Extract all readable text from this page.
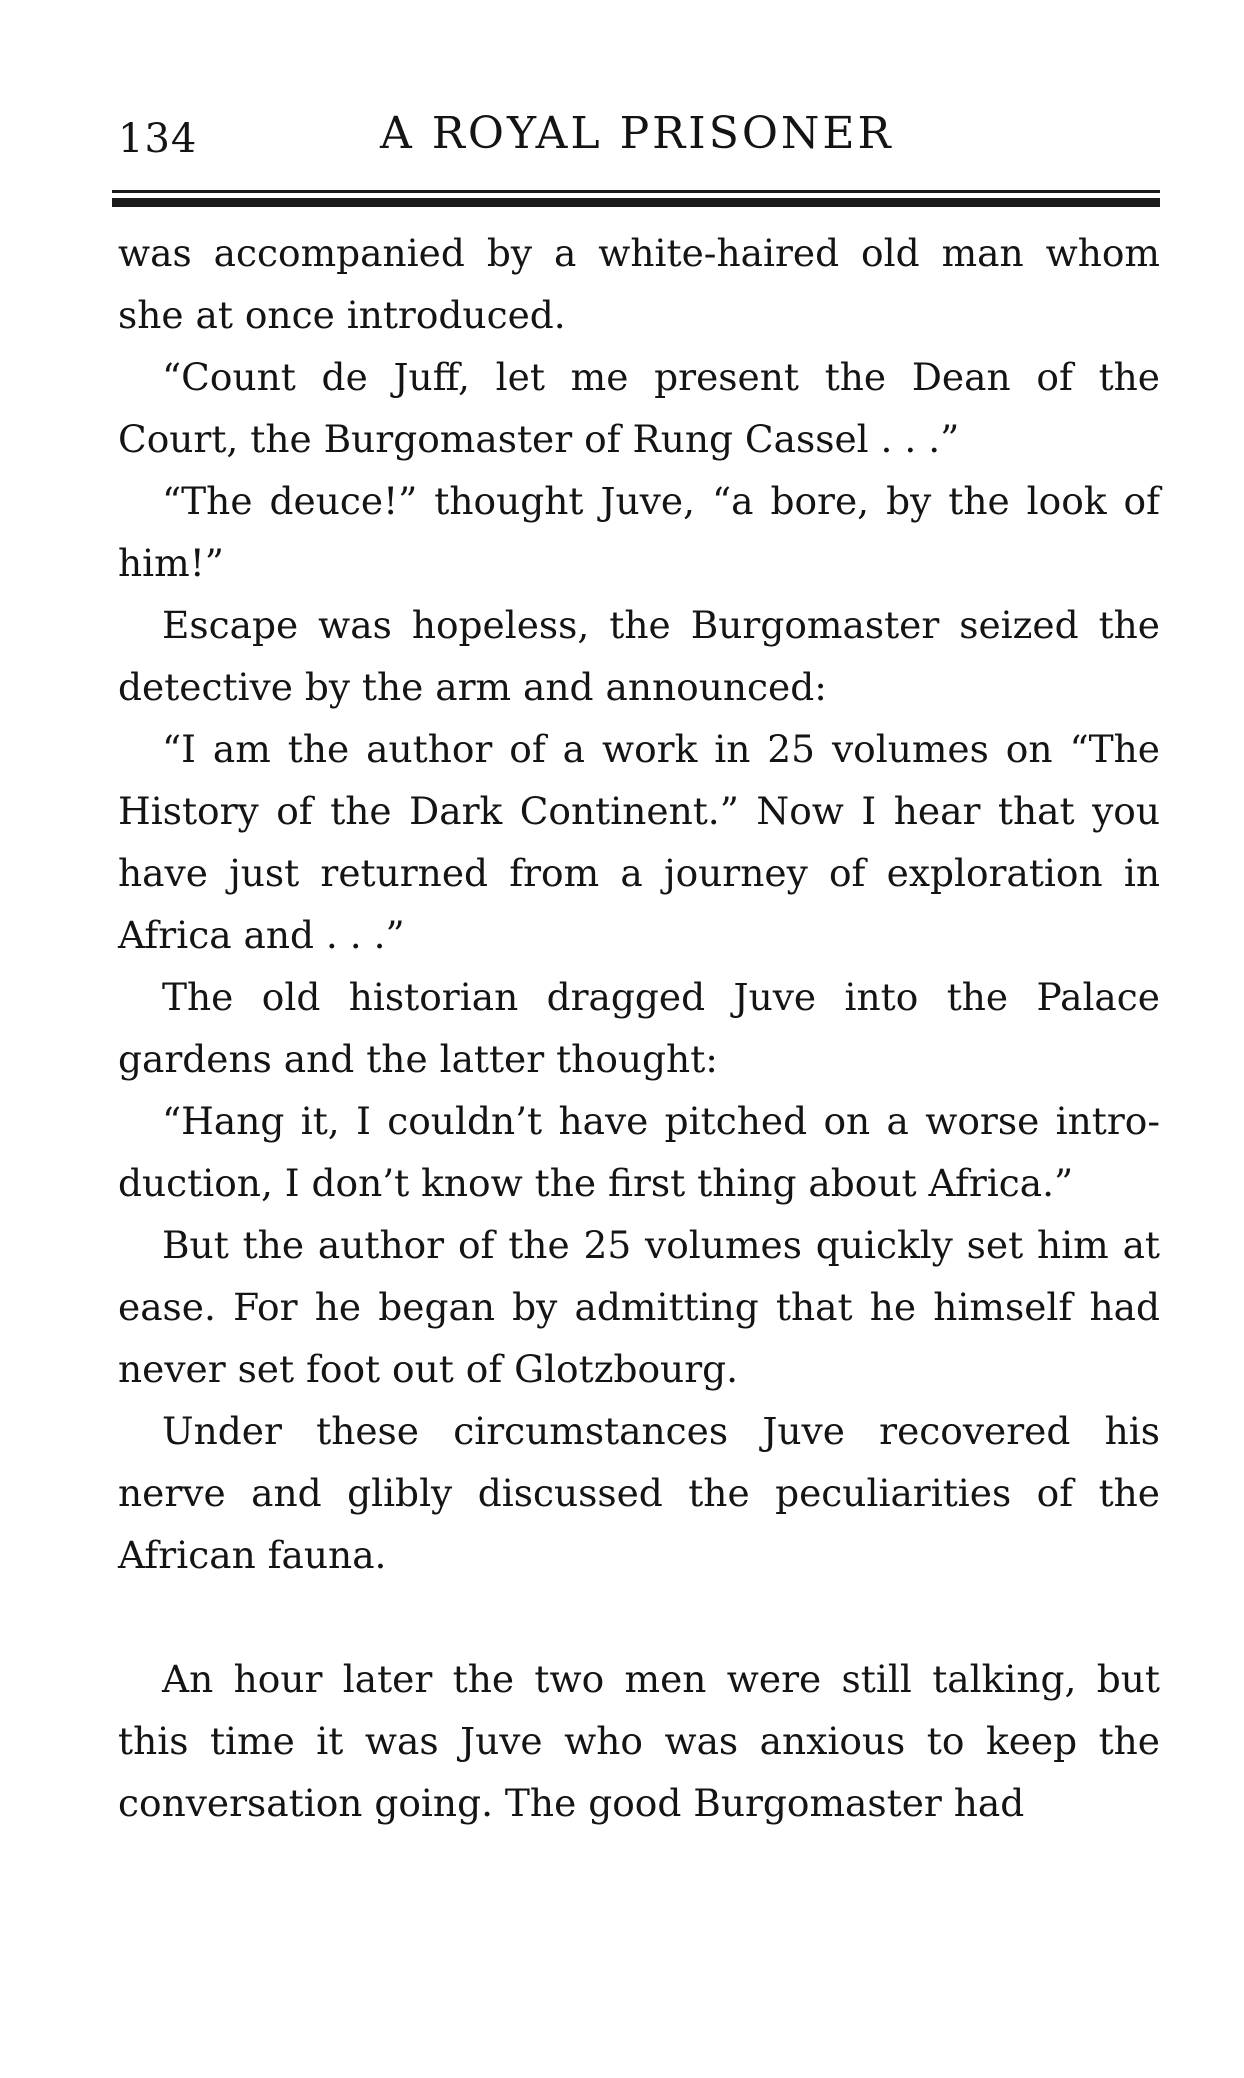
134	A ROYAL PRISONER

was accompanied by a white-haired old man whom she at once introduced.

“Count de Juff, let me present the Dean of the Court, the Burgomaster of Rung Cassel . . .”

“The deuce!” thought Juve, “a bore, by the look of him!”

Escape was hopeless, the Burgomaster seized the detective by the arm and announced:

“I am the author of a work in 25 volumes on “The History of the Dark Continent.” Now I hear that you have just returned from a journey of exploration in Africa and . . .”

The old historian dragged Juve into the Palace gardens and the latter thought:

“Hang it, I couldn’t have pitched on a worse introduction, I don’t know the first thing about Africa.”

But the author of the 25 volumes quickly set him at ease. For he began by admitting that he himself had never set foot out of Glotzbourg.

Under these circumstances Juve recovered his nerve and glibly discussed the peculiarities of the African fauna.

An hour later the two men were still talking, but this time it was Juve who was anxious to keep the conversation going. The good Burgomaster had
